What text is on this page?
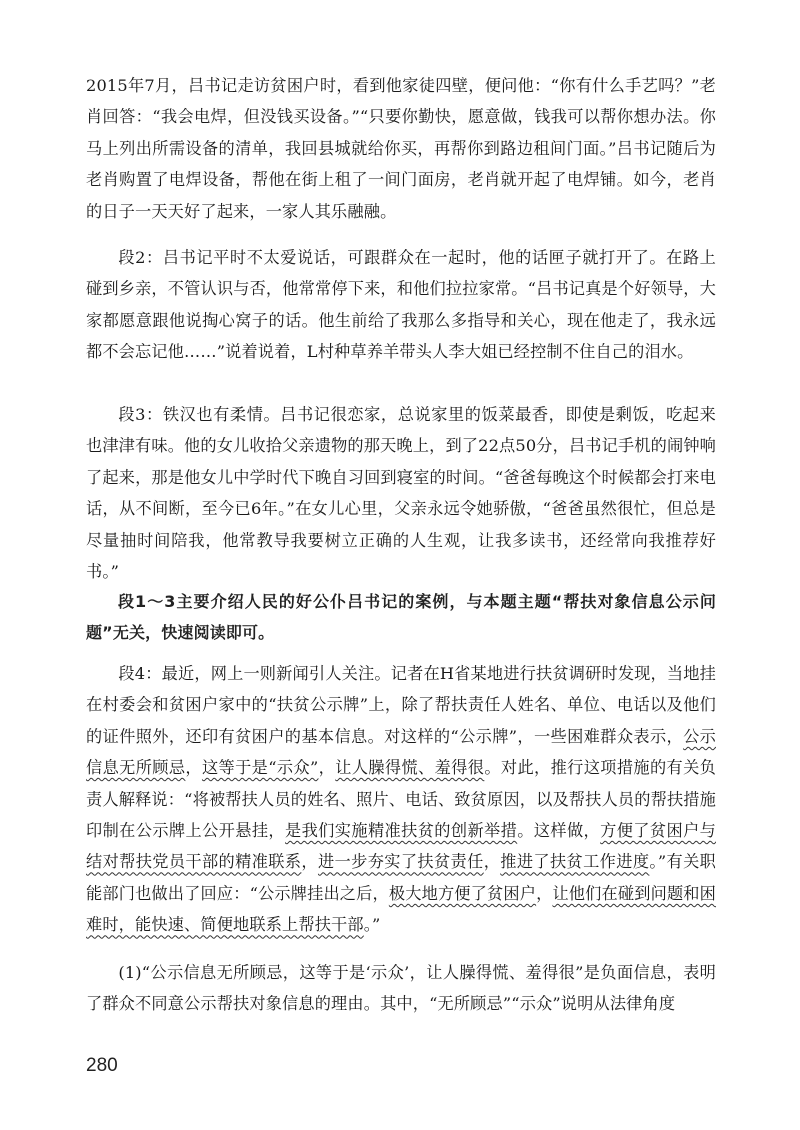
2015年7月，吕书记走访贫困户时，看到他家徒四壁，便问他：“你有什么手艺吗？”老肖回答：“我会电焊，但没钱买设备。”“只要你勤快，愿意做，钱我可以帮你想办法。你马上列出所需设备的清单，我回县城就给你买，再帮你到路边租间门面。”吕书记随后为老肖购置了电焊设备，帮他在街上租了一间门面房，老肖就开起了电焊铺。如今，老肖的日子一天天好了起来，一家人其乐融融。

段2：吕书记平时不太爱说话，可跟群众在一起时，他的话匣子就打开了。在路上碰到乡亲，不管认识与否，他常常停下来，和他们拉拉家常。“吕书记真是个好领导，大家都愿意跟他说掏心窝子的话。他生前给了我那么多指导和关心，现在他走了，我永远都不会忘记他……”说着说着，L村种草养羊带头人李大姐已经控制不住自己的泪水。

段3：铁汉也有柔情。吕书记很恋家，总说家里的饭菜最香，即使是剩饭，吃起来也津津有味。他的女儿收拾父亲遗物的那天晚上，到了22点50分，吕书记手机的闹钟响了起来，那是他女儿中学时代下晚自习回到寝室的时间。“爸爸每晚这个时候都会打来电话，从不间断，至今已6年。”在女儿心里，父亲永远令她骄傲，“爸爸虽然很忙，但总是尽量抽时间陪我，他常教导我要树立正确的人生观，让我多读书，还经常向我推荐好书。”

段1～3主要介绍人民的好公仆吕书记的案例，与本题主题“帮扶对象信息公示问题”无关，快速阅读即可。

段4：最近，网上一则新闻引人关注。记者在H省某地进行扶贫调研时发现，当地挂在村委会和贫困户家中的“扶贫公示牌”上，除了帮扶责任人姓名、单位、电话以及他们的证件照外，还印有贫困户的基本信息。对这样的“公示牌”，一些困难群众表示，公示信息无所顾忌，这等于是“示众”，让人臊得慌、羞得很。对此，推行这项措施的有关负责人解释说：“将被帮扶人员的姓名、照片、电话、致贫原因，以及帮扶人员的帮扶措施印制在公示牌上公开悬挂，是我们实施精准扶贫的创新举措。这样做，方便了贫困户与结对帮扶党员干部的精准联系，进一步夯实了扶贫责任，推进了扶贫工作进度。”有关职能部门也做出了回应：“公示牌挂出之后，极大地方便了贫困户，让他们在碰到问题和困难时，能快速、简便地联系上帮扶干部。”

(1)“公示信息无所顾忌，这等于是‘示众’，让人臊得慌、羞得很”是负面信息，表明了群众不同意公示帮扶对象信息的理由。其中，“无所顾忌”“示众”说明从法律角度

280
